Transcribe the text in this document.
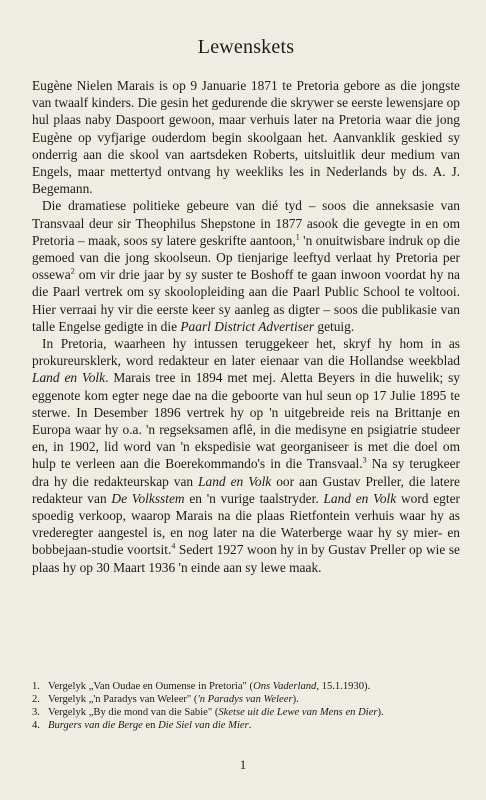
Lewenskets

Eugène Nielen Marais is op 9 Januarie 1871 te Pretoria gebore as die jongste van twaalf kinders. Die gesin het gedurende die skrywer se eerste lewensjare op hul plaas naby Daspoort gewoon, maar verhuis later na Pretoria waar die jong Eugène op vyfjarige ouderdom begin skoolgaan het. Aanvanklik geskied sy onderrig aan die skool van aartsdeken Roberts, uitsluitlik deur medium van Engels, maar mettertyd ontvang hy weekliks les in Nederlands by ds. A. J. Begemann.

Die dramatiese politieke gebeure van dié tyd – soos die anneksasie van Transvaal deur sir Theophilus Shepstone in 1877 asook die gevegte in en om Pretoria – maak, soos sy latere geskrifte aantoon,$^1$ 'n onuitwisbare indruk op die gemoed van die jong skoolseun. Op tienjarige leeftyd verlaat hy Pretoria per ossewa$^2$ om vir drie jaar by sy suster te Boshoff te gaan inwoon voordat hy na die Paarl vertrek om sy skoolopleiding aan die Paarl Public School te voltooi. Hier verraai hy vir die eerste keer sy aanleg as digter – soos die publikasie van talle Engelse gedigte in die Paarl District Advertiser getuig.

In Pretoria, waarheen hy intussen teruggekeer het, skryf hy hom in as prokureursklerk, word redakteur en later eienaar van die Hollandse weekblad Land en Volk. Marais tree in 1894 met mej. Aletta Beyers in die huwelik; sy eggenote kom egter nege dae na die geboorte van hul seun op 17 Julie 1895 te sterwe. In Desember 1896 vertrek hy op 'n uitgebreide reis na Brittanje en Europa waar hy o.a. 'n regseksamen aflê, in die medisyne en psigiatrie studeer en, in 1902, lid word van 'n ekspedisie wat georganiseer is met die doel om hulp te verleen aan die Boerekommando's in die Transvaal.$^3$ Na sy terugkeer dra hy die redakteurskap van Land en Volk oor aan Gustav Preller, die latere redakteur van De Volksstem en 'n vurige taalstryder. Land en Volk word egter spoedig verkoop, waarop Marais na die plaas Rietfontein verhuis waar hy as vrederegter aangestel is, en nog later na die Waterberge waar hy sy mier- en bobbejaan-studie voortsit.$^4$ Sedert 1927 woon hy in by Gustav Preller op wie se plaas hy op 30 Maart 1936 'n einde aan sy lewe maak.

1. Vergelyk „Van Oudae en Oumense in Pretoria" (Ons Vaderland, 15.1.1930).
2. Vergelyk „'n Paradys van Weleer" ('n Paradys van Weleer).
3. Vergelyk „By die mond van die Sabie" (Sketse uit die Lewe van Mens en Dier).
4. Burgers van die Berge en Die Siel van die Mier.
1
